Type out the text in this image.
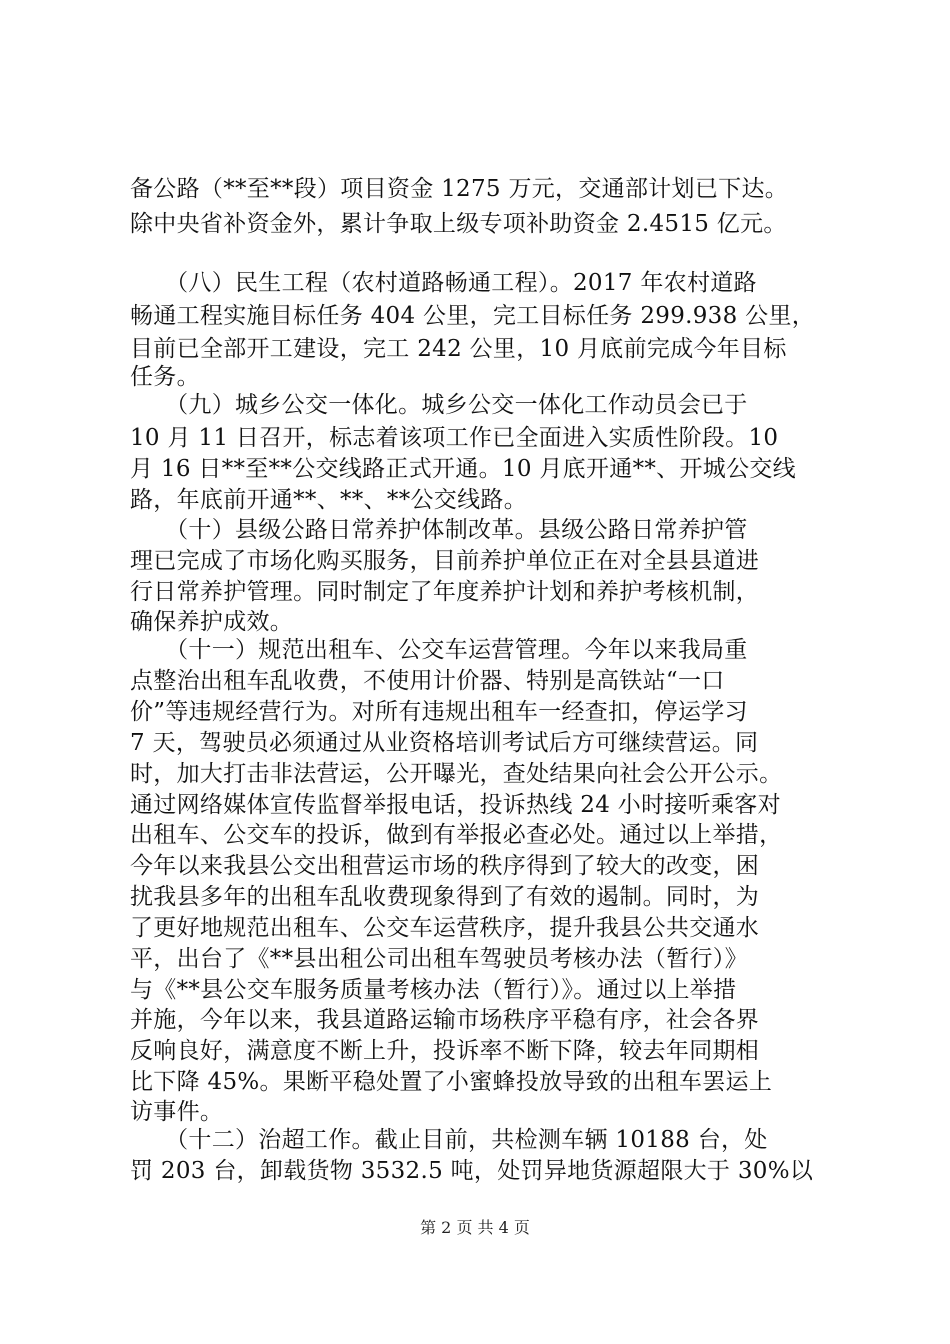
备公路（**至**段）项目资金 1275 万元，交通部计划已下达。
除中央省补资金外，累计争取上级专项补助资金 2.4515 亿元。
　　（八）民生工程（农村道路畅通工程）。2017 年农村道路
畅通工程实施目标任务 404 公里，完工目标任务 299.938 公里，
目前已全部开工建设，完工 242 公里，10 月底前完成今年目标
任务。
　　（九）城乡公交一体化。城乡公交一体化工作动员会已于
10 月 11 日召开，标志着该项工作已全面进入实质性阶段。10
月 16 日**至**公交线路正式开通。10 月底开通**、开城公交线
路，年底前开通**、**、**公交线路。
　　（十）县级公路日常养护体制改革。县级公路日常养护管
理已完成了市场化购买服务，目前养护单位正在对全县县道进
行日常养护管理。同时制定了年度养护计划和养护考核机制，
确保养护成效。
　　（十一）规范出租车、公交车运营管理。今年以来我局重
点整治出租车乱收费，不使用计价器、特别是高铁站“一口
价”等违规经营行为。对所有违规出租车一经查扣，停运学习
7 天，驾驶员必须通过从业资格培训考试后方可继续营运。同
时，加大打击非法营运，公开曝光，查处结果向社会公开公示。
通过网络媒体宣传监督举报电话，投诉热线 24 小时接听乘客对
出租车、公交车的投诉，做到有举报必查必处。通过以上举措，
今年以来我县公交出租营运市场的秩序得到了较大的改变，困
扰我县多年的出租车乱收费现象得到了有效的遏制。同时，为
了更好地规范出租车、公交车运营秩序，提升我县公共交通水
平，出台了《**县出租公司出租车驾驶员考核办法（暂行）》
与《**县公交车服务质量考核办法（暂行）》。通过以上举措
并施，今年以来，我县道路运输市场秩序平稳有序，社会各界
反响良好，满意度不断上升，投诉率不断下降，较去年同期相
比下降 45%。果断平稳处置了小蜜蜂投放导致的出租车罢运上
访事件。
　　（十二）治超工作。截止目前，共检测车辆 10188 台，处
罚 203 台，卸载货物 3532.5 吨，处罚异地货源超限大于 30%以
第 2 页 共 4 页
